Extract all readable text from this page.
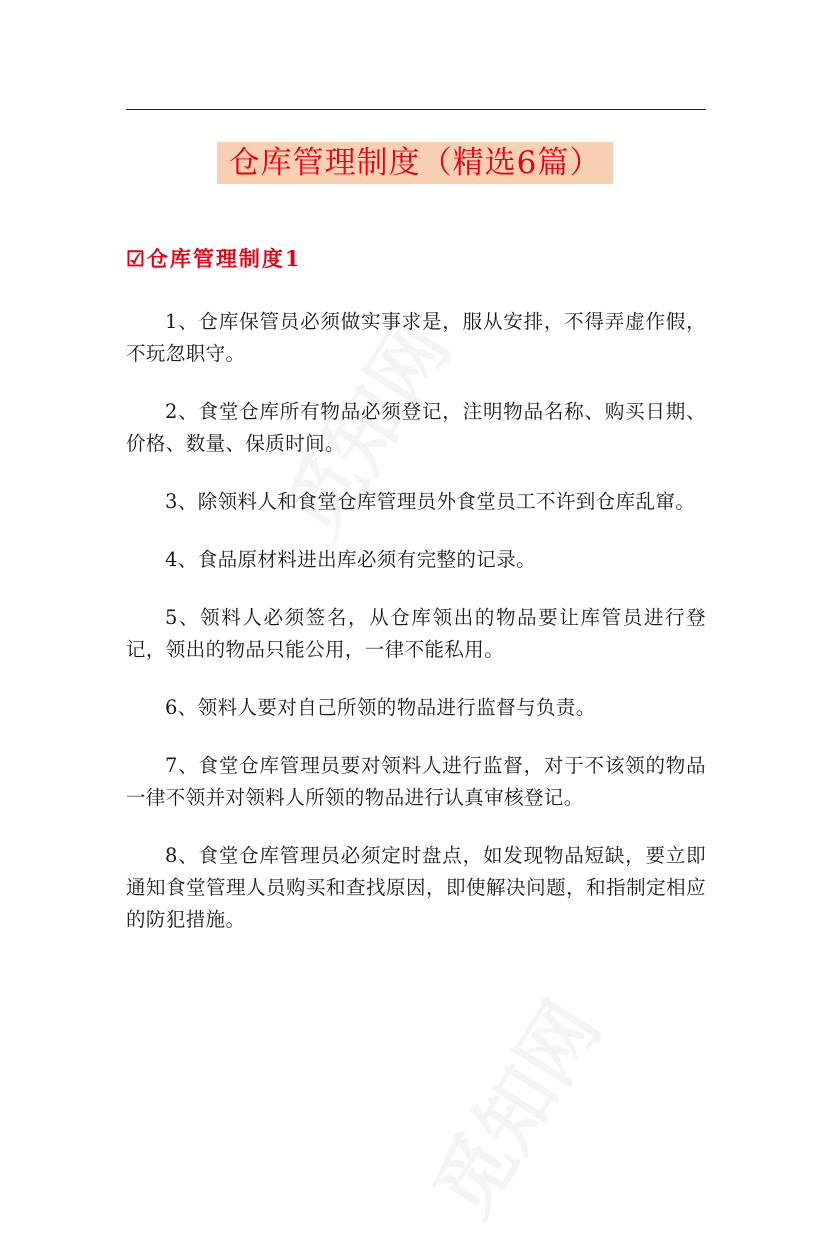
仓库管理制度（精选6篇）
☑仓库管理制度1

1、仓库保管员必须做实事求是，服从安排，不得弄虚作假，不玩忽职守。

2、食堂仓库所有物品必须登记，注明物品名称、购买日期、价格、数量、保质时间。

3、除领料人和食堂仓库管理员外食堂员工不许到仓库乱窜。

4、食品原材料进出库必须有完整的记录。

5、领料人必须签名，从仓库领出的物品要让库管员进行登记，领出的物品只能公用，一律不能私用。

6、领料人要对自己所领的物品进行监督与负责。

7、食堂仓库管理员要对领料人进行监督，对于不该领的物品一律不领并对领料人所领的物品进行认真审核登记。

8、食堂仓库管理员必须定时盘点，如发现物品短缺，要立即通知食堂管理人员购买和查找原因，即使解决问题，和指制定相应的防犯措施。
